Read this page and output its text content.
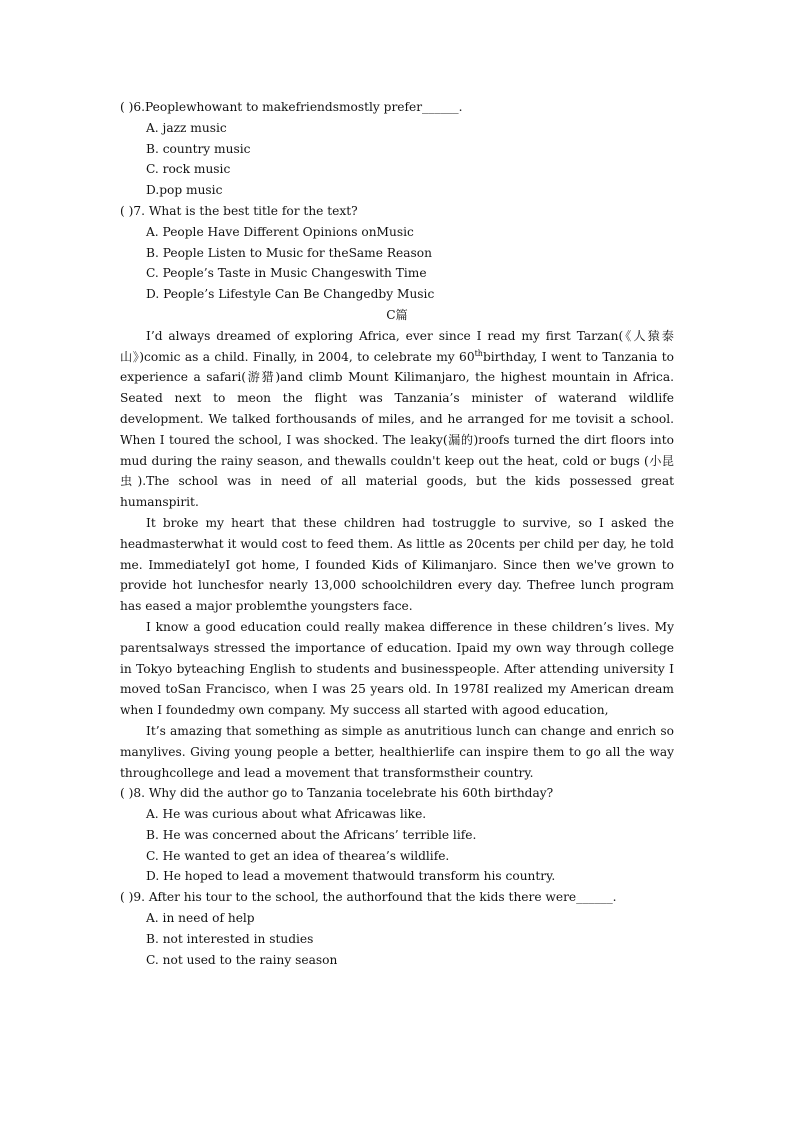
( )6.Peoplewhowant to makefriendsmostly prefer______.
A. jazz music
B. country music
C. rock music
D.pop music
( )7. What is the best title for the text?
A. People Have Different Opinions onMusic
B. People Listen to Music for theSame Reason
C. People’s Taste in Music Changeswith Time
D. People’s Lifestyle Can Be Changedby Music
C篇
I’d always dreamed of exploring Africa, ever since I read my first Tarzan(《人猿泰山》)comic as a child. Finally, in 2004, to celebrate my 60thbirthday, I went to Tanzania to experience a safari(游猎)and climb Mount Kilimanjaro, the highest mountain in Africa. Seated next to meon the flight was Tanzania’s minister of waterand wildlife development. We talked forthousands of miles, and he arranged for me tovisit a school. When I toured the school, I was shocked. The leaky(漏的)roofs turned the dirt floors into mud during the rainy season, and thewalls couldn't keep out the heat, cold or bugs (小昆虫).The school was in need of all material goods, but the kids possessed great humanspirit.
It broke my heart that these children had tostruggle to survive, so I asked the headmasterwhat it would cost to feed them. As little as 20cents per child per day, he told me. ImmediatelyI got home, I founded Kids of Kilimanjaro. Since then we've grown to provide hot lunchesfor nearly 13,000 schoolchildren every day. Thefree lunch program has eased a major problemthe youngsters face.
I know a good education could really makea difference in these children’s lives. My parentsalways stressed the importance of education. Ipaid my own way through college in Tokyo byteaching English to students and businesspeople. After attending university I moved toSan Francisco, when I was 25 years old. In 1978I realized my American dream when I foundedmy own company. My success all started with agood education,
It’s amazing that something as simple as anutritious lunch can change and enrich so manylives. Giving young people a better, healthierlife can inspire them to go all the way throughcollege and lead a movement that transformstheir country.
( )8. Why did the author go to Tanzania tocelebrate his 60th birthday?
A. He was curious about what Africawas like.
B. He was concerned about the Africans’ terrible life.
C. He wanted to get an idea of thearea’s wildlife.
D. He hoped to lead a movement thatwould transform his country.
( )9. After his tour to the school, the authorfound that the kids there were______.
A. in need of help
B. not interested in studies
C. not used to the rainy season
